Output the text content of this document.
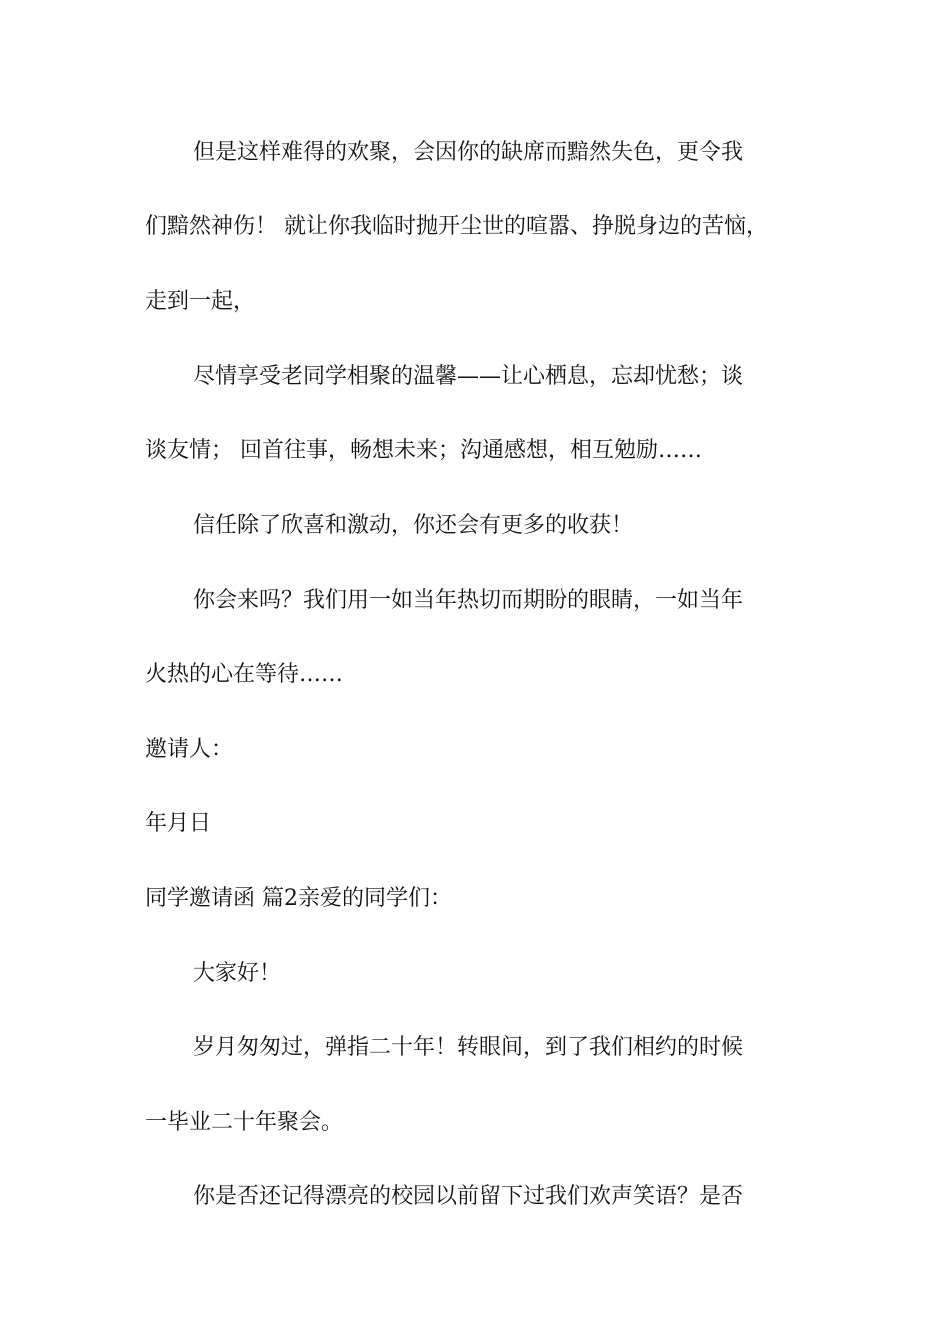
但是这样难得的欢聚，会因你的缺席而黯然失色，更令我
们黯然神伤！ 就让你我临时抛开尘世的喧嚣、挣脱身边的苦恼，
走到一起，
尽情享受老同学相聚的温馨——让心栖息，忘却忧愁；谈
谈友情； 回首往事，畅想未来；沟通感想，相互勉励……
信任除了欣喜和激动，你还会有更多的收获！
你会来吗？我们用一如当年热切而期盼的眼睛，一如当年
火热的心在等待……
邀请人：
年月日
同学邀请函 篇2亲爱的同学们：
大家好！
岁月匆匆过，弹指二十年！转眼间，到了我们相约的时候
一毕业二十年聚会。
你是否还记得漂亮的校园以前留下过我们欢声笑语？是否
